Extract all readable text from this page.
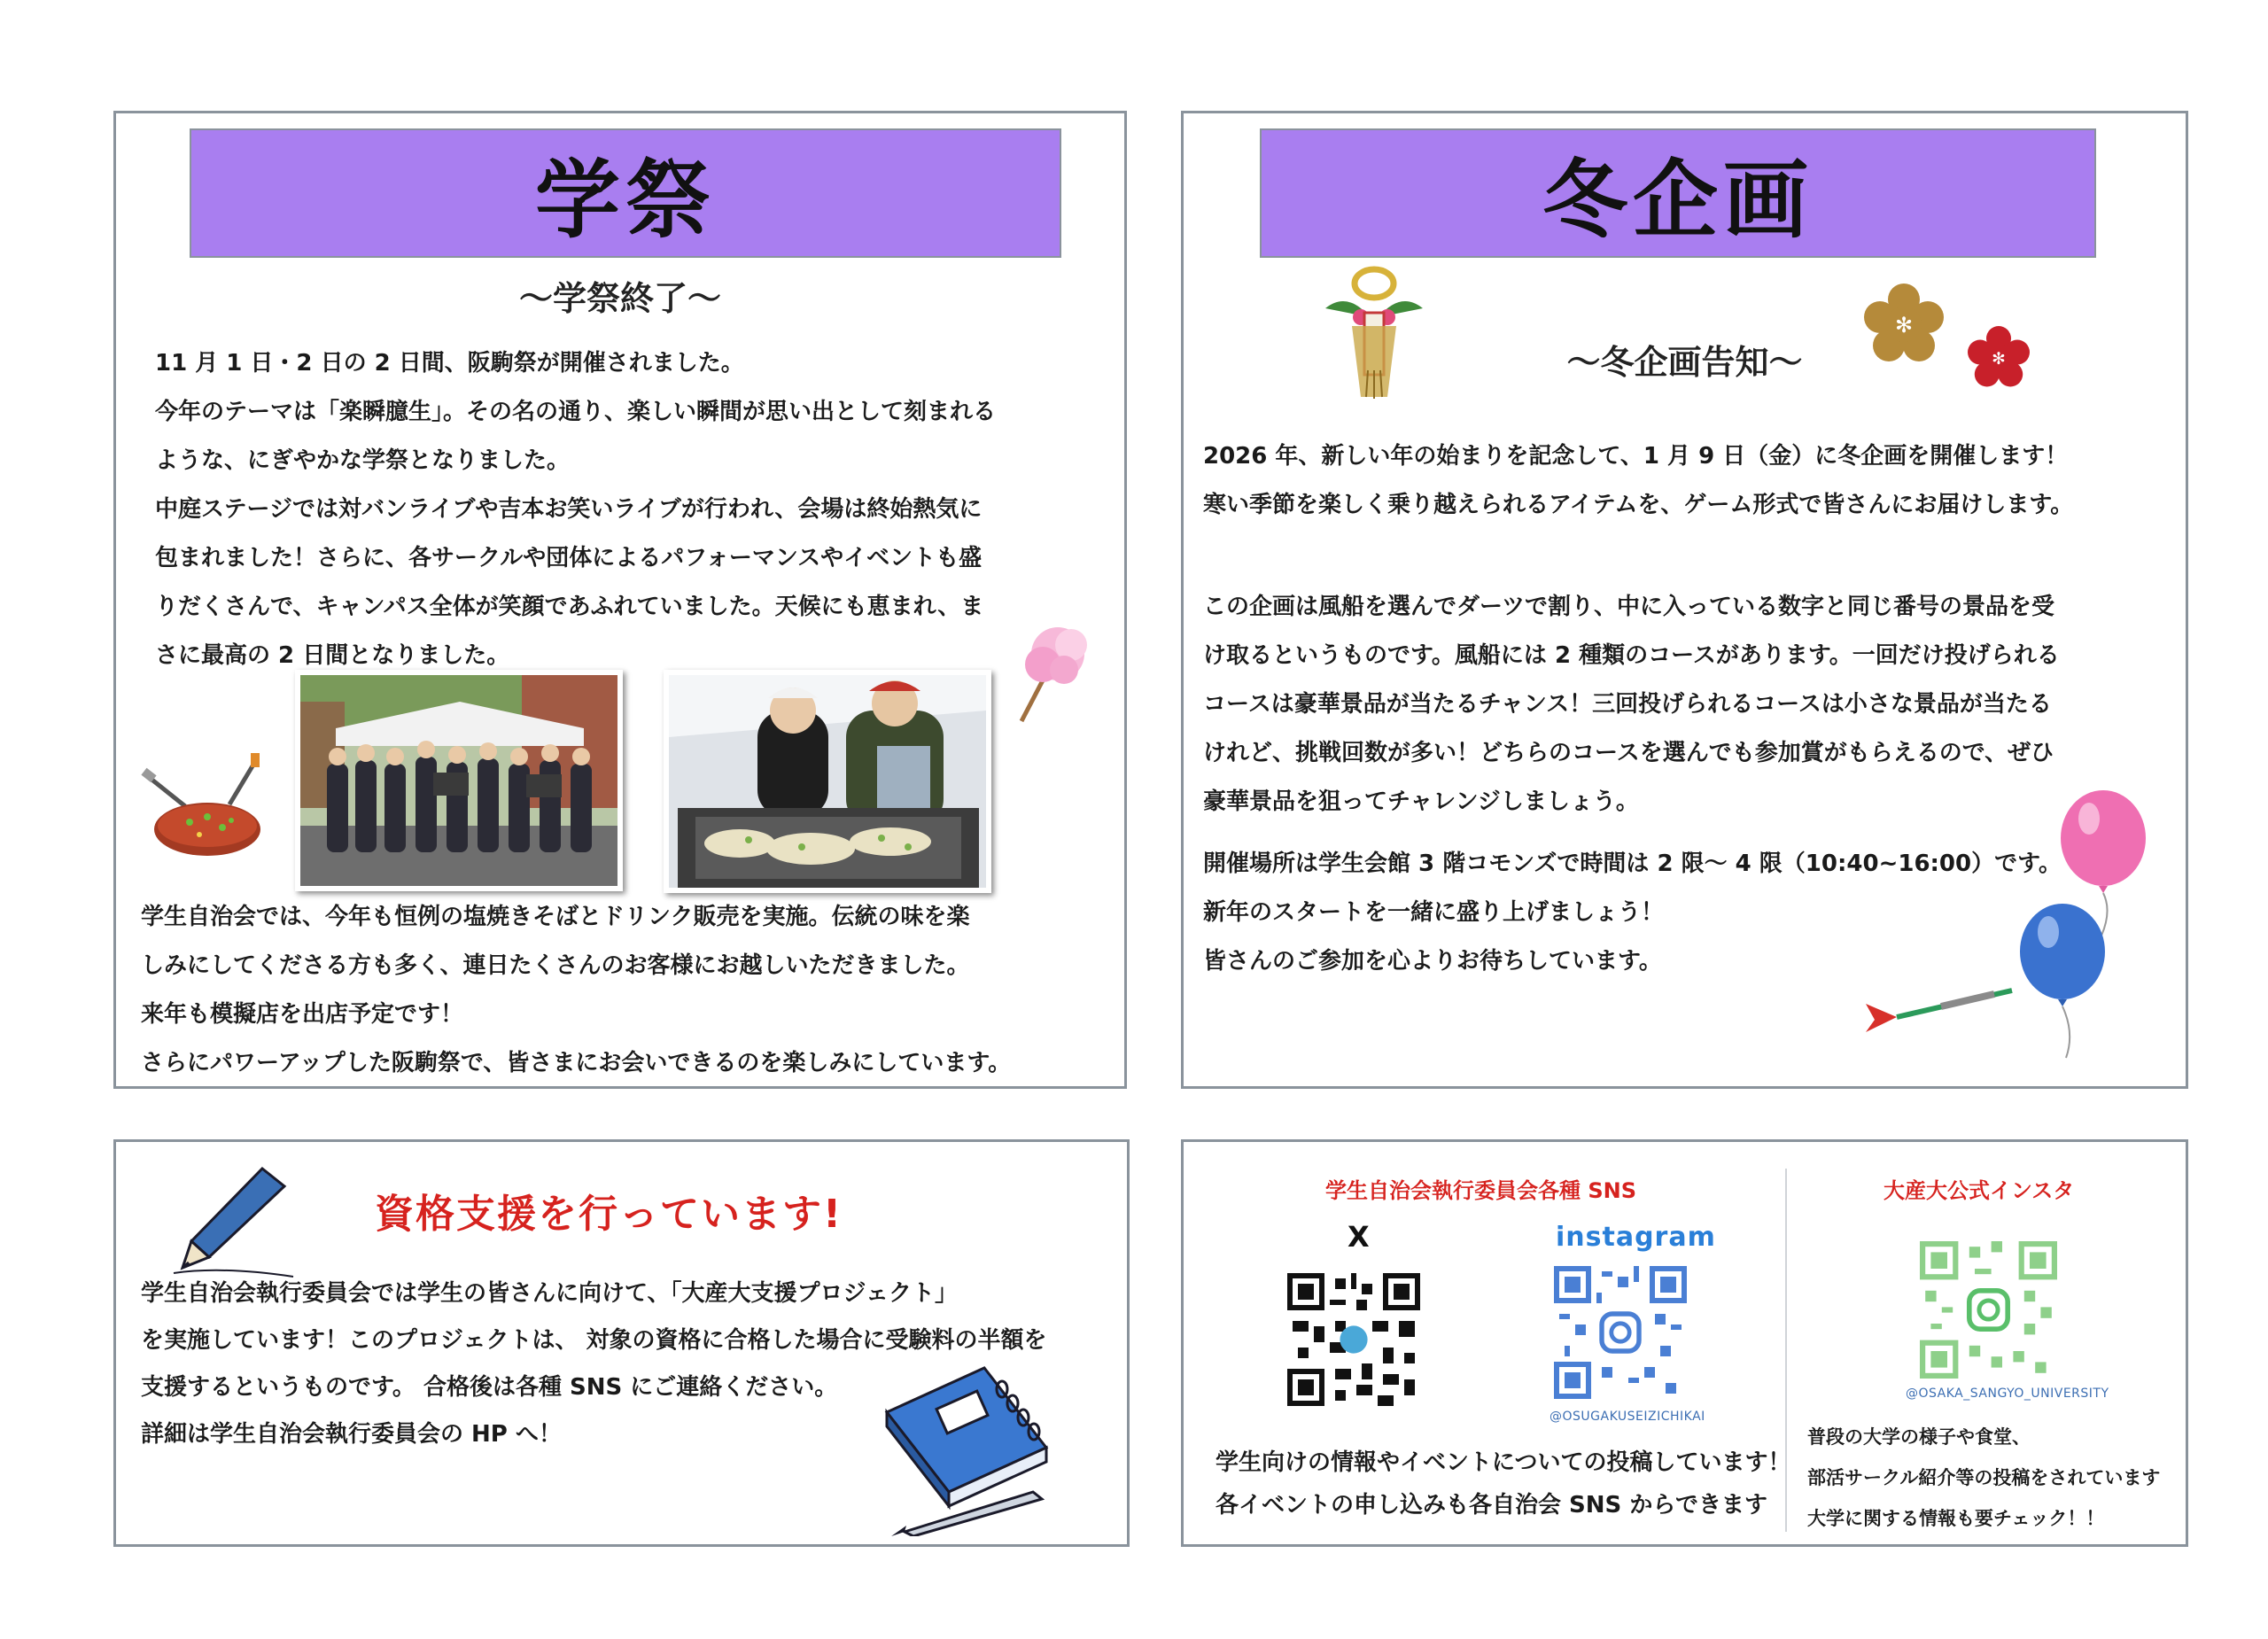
学祭
～学祭終了～

11 月 1 日・2 日の 2 日間、阪駒祭が開催されました。

今年のテーマは「楽瞬臆生」。その名の通り、楽しい瞬間が思い出として刻まれる

ような、にぎやかな学祭となりました。

中庭ステージでは対バンライブや吉本お笑いライブが行われ、会場は終始熱気に

包まれました！さらに、各サークルや団体によるパフォーマンスやイベントも盛

りだくさんで、キャンパス全体が笑顔であふれていました。天候にも恵まれ、ま

さに最高の 2 日間となりました。

学生自治会では、今年も恒例の塩焼きそばとドリンク販売を実施。伝統の味を楽

しみにしてくださる方も多く、連日たくさんのお客様にお越しいただきました。

来年も模擬店を出店予定です！

さらにパワーアップした阪駒祭で、皆さまにお会いできるのを楽しみにしています。

冬企画
～冬企画告知～
✻
✻

2026 年、新しい年の始まりを記念して、1 月 9 日（金）に冬企画を開催します！

寒い季節を楽しく乗り越えられるアイテムを、ゲーム形式で皆さんにお届けします。

この企画は風船を選んでダーツで割り、中に入っている数字と同じ番号の景品を受

け取るというものです。風船には 2 種類のコースがあります。一回だけ投げられる

コースは豪華景品が当たるチャンス！三回投げられるコースは小さな景品が当たる

けれど、挑戦回数が多い！どちらのコースを選んでも参加賞がもらえるので、ぜひ

豪華景品を狙ってチャレンジしましょう。

開催場所は学生会館 3 階コモンズで時間は 2 限～ 4 限（10:40~16:00）です。

新年のスタートを一緒に盛り上げましょう！

皆さんのご参加を心よりお待ちしています。

資格支援を行っています!

学生自治会執行委員会では学生の皆さんに向けて、「大産大支援プロジェクト」

を実施しています！このプロジェクトは、 対象の資格に合格した場合に受験料の半額を

支援するというものです。 合格後は各種 SNS にご連絡ください。

詳細は学生自治会執行委員会の HP へ！

学生自治会執行委員会各種 SNS	大産大公式インスタ
X	instagram
@OSUGAKUSEIZICHIKAI
@OSAKA_SANGYO_UNIVERSITY

学生向けの情報やイベントについての投稿しています！

各イベントの申し込みも各自治会 SNS からできます

普段の大学の様子や食堂、

部活サークル紹介等の投稿をされています

大学に関する情報も要チェック！！
